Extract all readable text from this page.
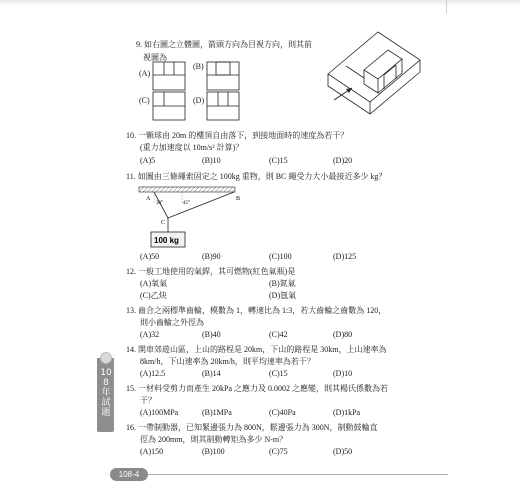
9. 如右圖之立體圖，箭頭方向為目視方向，則其前
視圖為
(A)
(B)
(C)	(D)
10. 一顆球由 20m 的樓頂自由落下，到接地面時的速度為若干？
(重力加速度以 10m/s² 計算)？
(A)5	(B)10	(C)15	(D)20
11. 如圖由三條繩索固定之 100kg 重物，則 BC 繩受力大小最接近多少 kg？
A	B
C
30°	45°
100 kg
(A)50	(B)90	(C)100	(D)125
12. 一般工地使用的氣銲，其可燃物(紅色氣瓶)是
(A)氧氣	(B)氮氣
(C)乙炔	(D)氬氣
13. 齒合之兩標準齒輪，模數為 1，轉速比為 1:3，若大齒輪之齒數為 120，
則小齒輪之外徑為
(A)32	(B)40	(C)42	(D)80
14. 開車郊遊山區，上山的路程是 20km，下山的路程是 30km，上山速率為
8km/h，下山速率為 20km/h，則平均速率為若干？
(A)12.5	(B)14	(C)15	(D)10
15. 一材料受剪力而產生 20kPa 之應力及 0.0002 之應變，則其楊氏係數為若
干？
(A)100MPa	(B)1MPa	(C)40Pa	(D)1kPa
16. 一帶制動器，已知緊邊張力為 800N，鬆邊張力為 300N，制動鼓輪直
徑為 200mm，則其制動轉矩為多少 N-m？
(A)150	(B)100	(C)75	(D)50
108年試題
108-4
